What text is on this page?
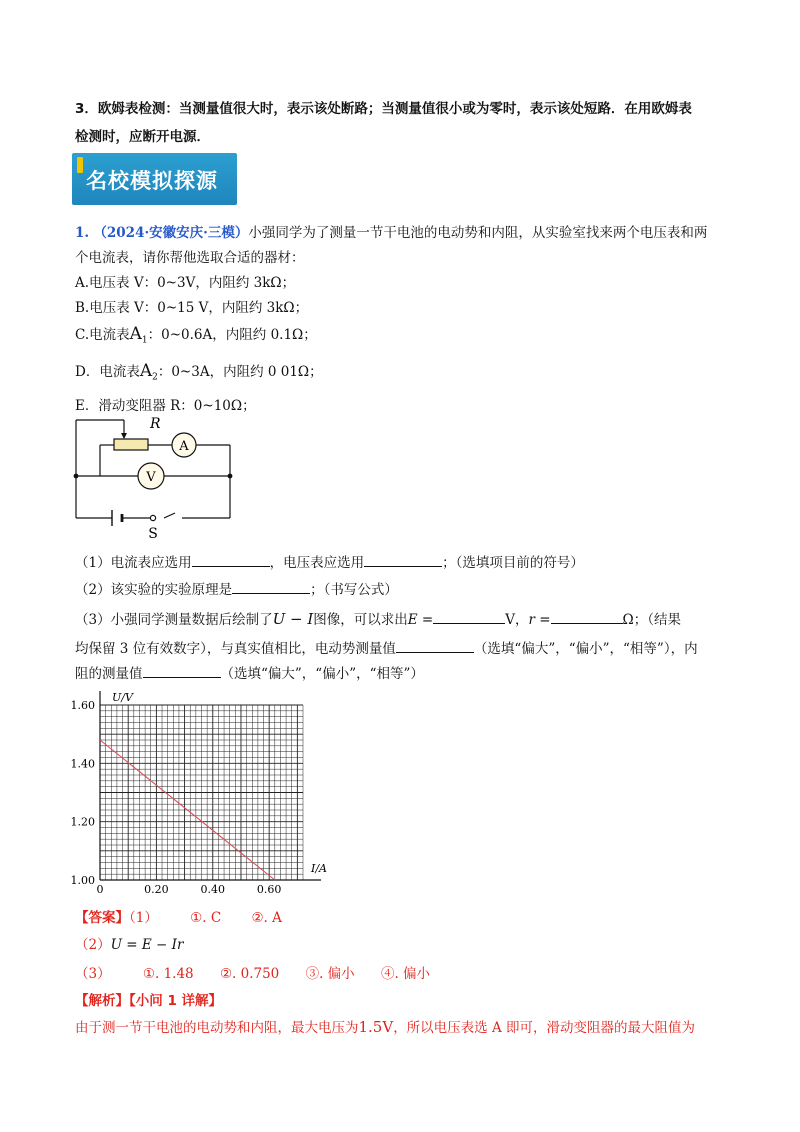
3．欧姆表检测：当测量值很大时，表示该处断路；当测量值很小或为零时，表示该处短路．在用欧姆表
检测时，应断开电源．
名校模拟探源
1. （2024·安徽安庆·三模）小强同学为了测量一节干电池的电动势和内阻，从实验室找来两个电压表和两
个电流表，请你帮他选取合适的器材：
A.电压表 V：0~3V，内阻约 3kΩ；
B.电压表 V：0~15 V，内阻约 3kΩ；
C.电流表$A_1$：0~0.6A，内阻约 0.1Ω；
D．电流表$A_2$：0~3A，内阻约 0 01Ω；
E．滑动变阻器 R：0~10Ω；
R
A
V
S
（1）电流表应选用	，电压表应选用	；（选填项目前的符号）
（2）该实验的实验原理是	；（书写公式）
（3）小强同学测量数据后绘制了U − I图像，可以求出E =	V，r =	Ω；（结果
均保留 3 位有效数字），与真实值相比，电动势测量值	（选填“偏大”，“偏小”，“相等”），内
阻的测量值	（选填“偏大”，“偏小”，“相等”）
0	0.20	0.40	0.60
1.00
1.20
1.40
1.60
U/V
I/A
【答案】（1） ①. C ②. A
（2）U = E − Ir
（3） ①. 1.48 ②. 0.750 ③. 偏小 ④. 偏小
【解析】【小问 1 详解】
由于测一节干电池的电动势和内阻，最大电压为1.5V，所以电压表选 A 即可，滑动变阻器的最大阻值为
